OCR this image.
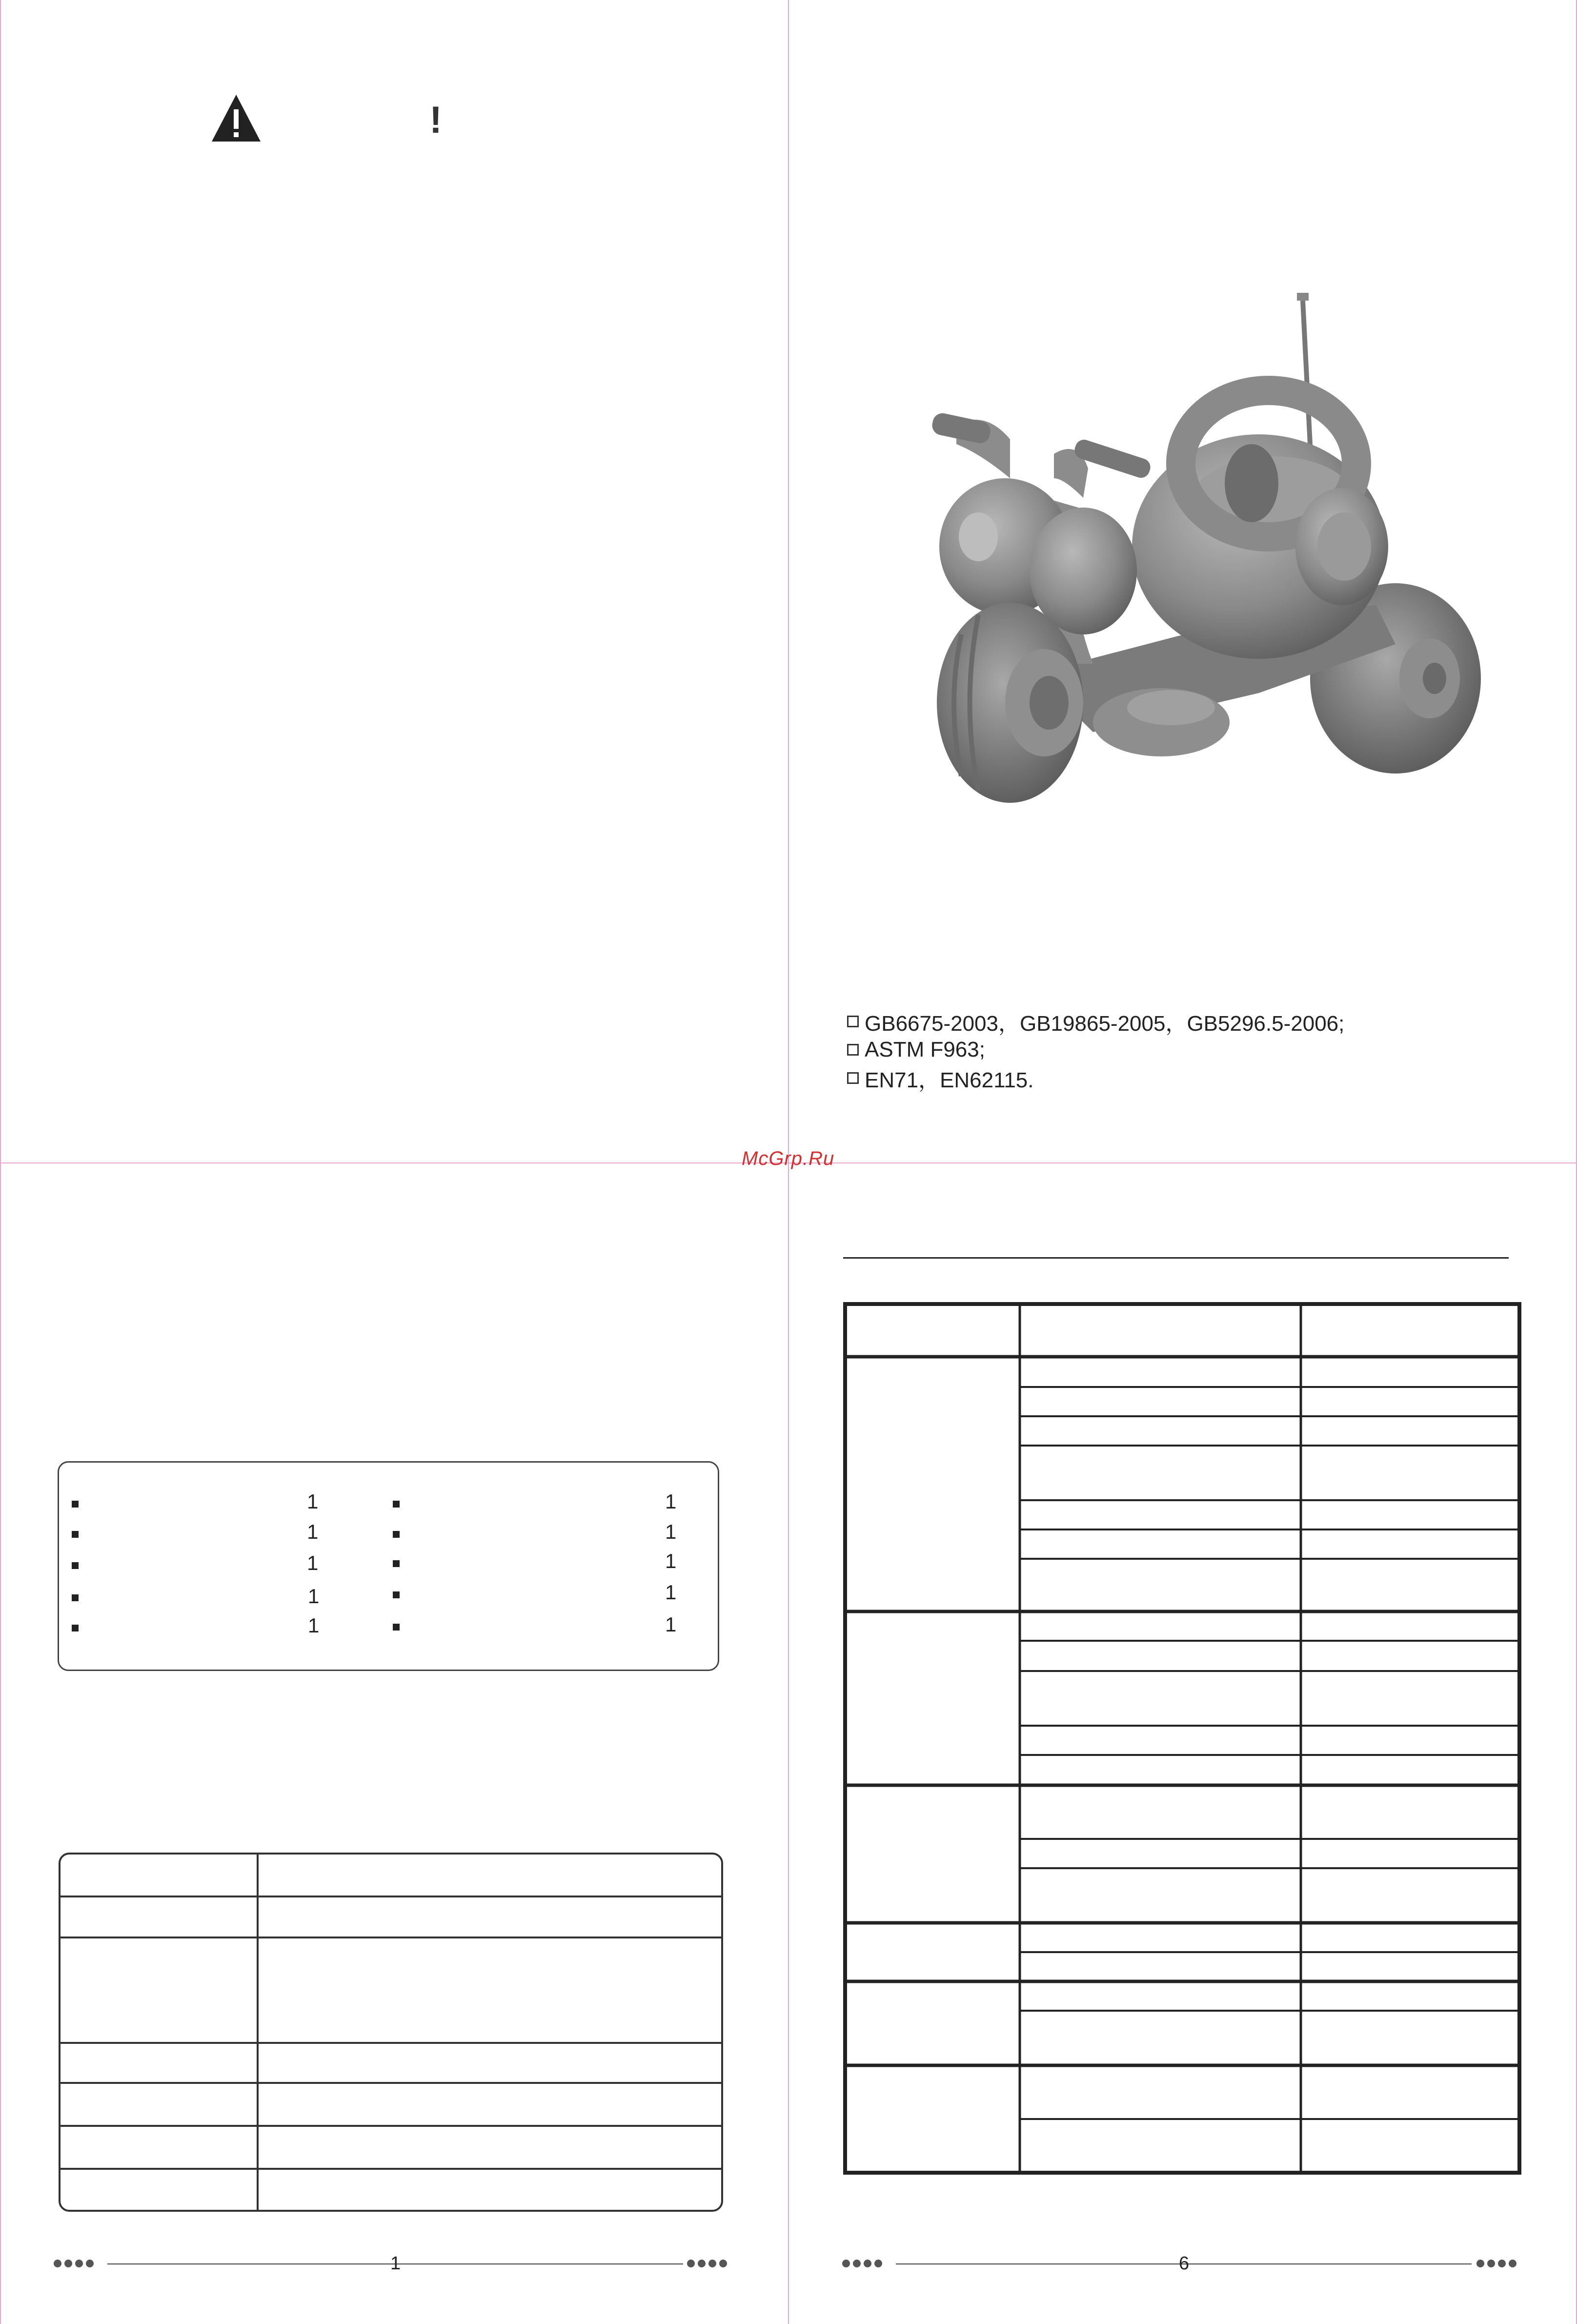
McGrp.Ru
!
GB6675-2003，GB19865-2005，GB5296.5-2006;
ASTM F963;
EN71，EN62115.
1
1
1
1
1
1
1
1
1
1
1	6
